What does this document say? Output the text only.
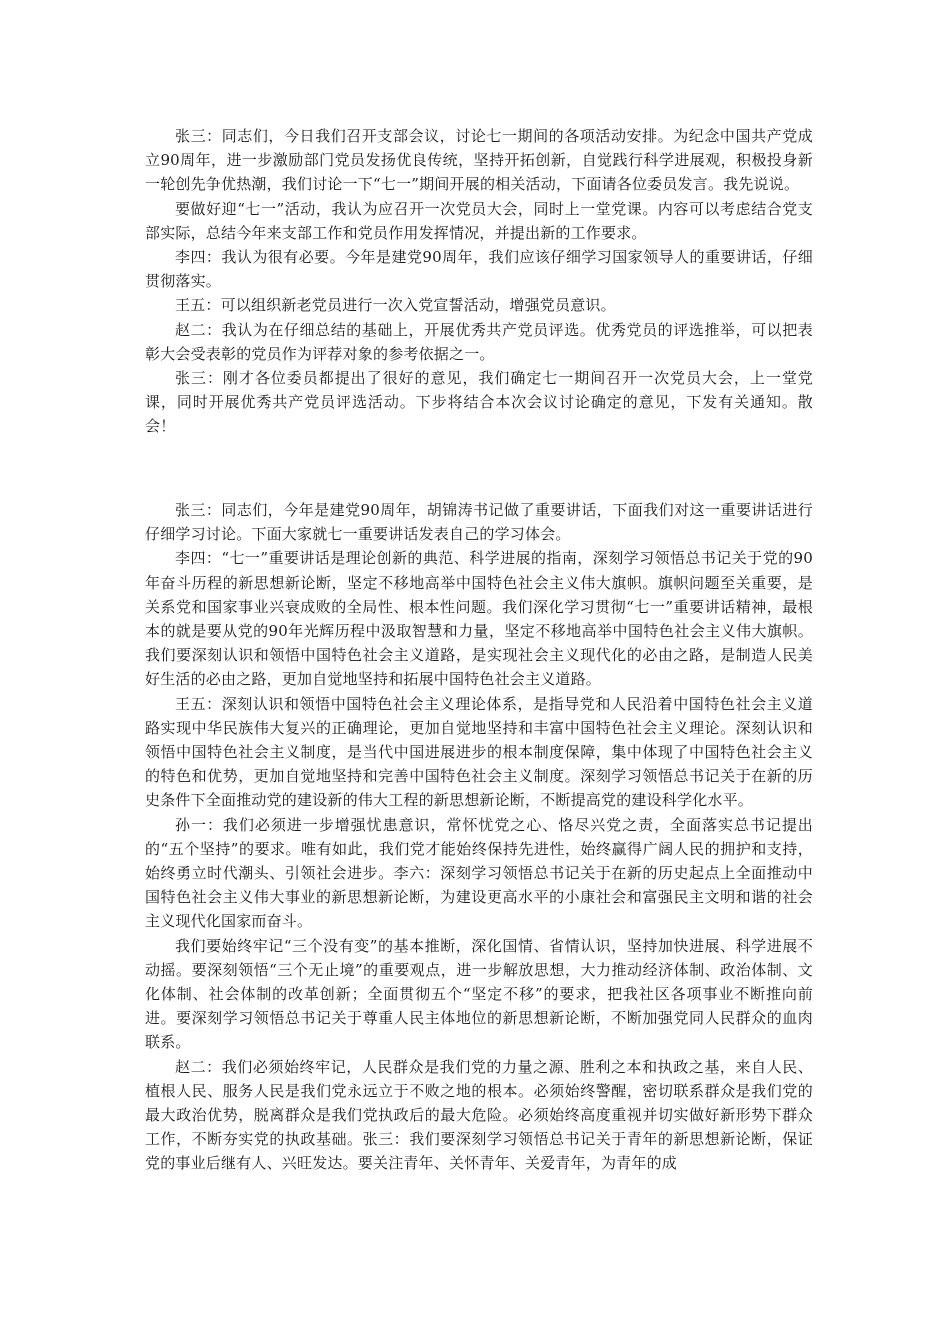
张三：同志们，今日我们召开支部会议，讨论七一期间的各项活动安排。为纪念中国共产党成立90周年，进一步激励部门党员发扬优良传统，坚持开拓创新，自觉践行科学进展观，积极投身新一轮创先争优热潮，我们讨论一下“七一”期间开展的相关活动，下面请各位委员发言。我先说说。

要做好迎“七一”活动，我认为应召开一次党员大会，同时上一堂党课。内容可以考虑结合党支部实际，总结今年来支部工作和党员作用发挥情况，并提出新的工作要求。

李四：我认为很有必要。今年是建党90周年，我们应该仔细学习国家领导人的重要讲话，仔细贯彻落实。

王五：可以组织新老党员进行一次入党宣誓活动，增强党员意识。

赵二：我认为在仔细总结的基础上，开展优秀共产党员评选。优秀党员的评选推举，可以把表彰大会受表彰的党员作为评荐对象的参考依据之一。

张三：刚才各位委员都提出了很好的意见，我们确定七一期间召开一次党员大会，上一堂党课，同时开展优秀共产党员评选活动。下步将结合本次会议讨论确定的意见，下发有关通知。散会！

张三：同志们，今年是建党90周年，胡锦涛书记做了重要讲话，下面我们对这一重要讲话进行仔细学习讨论。下面大家就七一重要讲话发表自己的学习体会。

李四：“七一”重要讲话是理论创新的典范、科学进展的指南，深刻学习领悟总书记关于党的90年奋斗历程的新思想新论断，坚定不移地高举中国特色社会主义伟大旗帜。旗帜问题至关重要，是关系党和国家事业兴衰成败的全局性、根本性问题。我们深化学习贯彻“七一”重要讲话精神，最根本的就是要从党的90年光辉历程中汲取智慧和力量，坚定不移地高举中国特色社会主义伟大旗帜。我们要深刻认识和领悟中国特色社会主义道路，是实现社会主义现代化的必由之路，是制造人民美好生活的必由之路，更加自觉地坚持和拓展中国特色社会主义道路。

王五：深刻认识和领悟中国特色社会主义理论体系，是指导党和人民沿着中国特色社会主义道路实现中华民族伟大复兴的正确理论，更加自觉地坚持和丰富中国特色社会主义理论。深刻认识和领悟中国特色社会主义制度，是当代中国进展进步的根本制度保障，集中体现了中国特色社会主义的特色和优势，更加自觉地坚持和完善中国特色社会主义制度。深刻学习领悟总书记关于在新的历史条件下全面推动党的建设新的伟大工程的新思想新论断，不断提高党的建设科学化水平。

孙一：我们必须进一步增强忧患意识，常怀忧党之心、恪尽兴党之责，全面落实总书记提出的“五个坚持”的要求。唯有如此，我们党才能始终保持先进性，始终赢得广阔人民的拥护和支持，始终勇立时代潮头、引领社会进步。李六：深刻学习领悟总书记关于在新的历史起点上全面推动中国特色社会主义伟大事业的新思想新论断，为建设更高水平的小康社会和富强民主文明和谐的社会主义现代化国家而奋斗。

我们要始终牢记“三个没有变”的基本推断，深化国情、省情认识，坚持加快进展、科学进展不动摇。要深刻领悟“三个无止境”的重要观点，进一步解放思想，大力推动经济体制、政治体制、文化体制、社会体制的改革创新；全面贯彻五个“坚定不移”的要求，把我社区各项事业不断推向前进。要深刻学习领悟总书记关于尊重人民主体地位的新思想新论断，不断加强党同人民群众的血肉联系。

赵二：我们必须始终牢记，人民群众是我们党的力量之源、胜利之本和执政之基，来自人民、植根人民、服务人民是我们党永远立于不败之地的根本。必须始终警醒，密切联系群众是我们党的最大政治优势，脱离群众是我们党执政后的最大危险。必须始终高度重视并切实做好新形势下群众工作，不断夯实党的执政基础。张三：我们要深刻学习领悟总书记关于青年的新思想新论断，保证党的事业后继有人、兴旺发达。要关注青年、关怀青年、关爱青年，为青年的成
